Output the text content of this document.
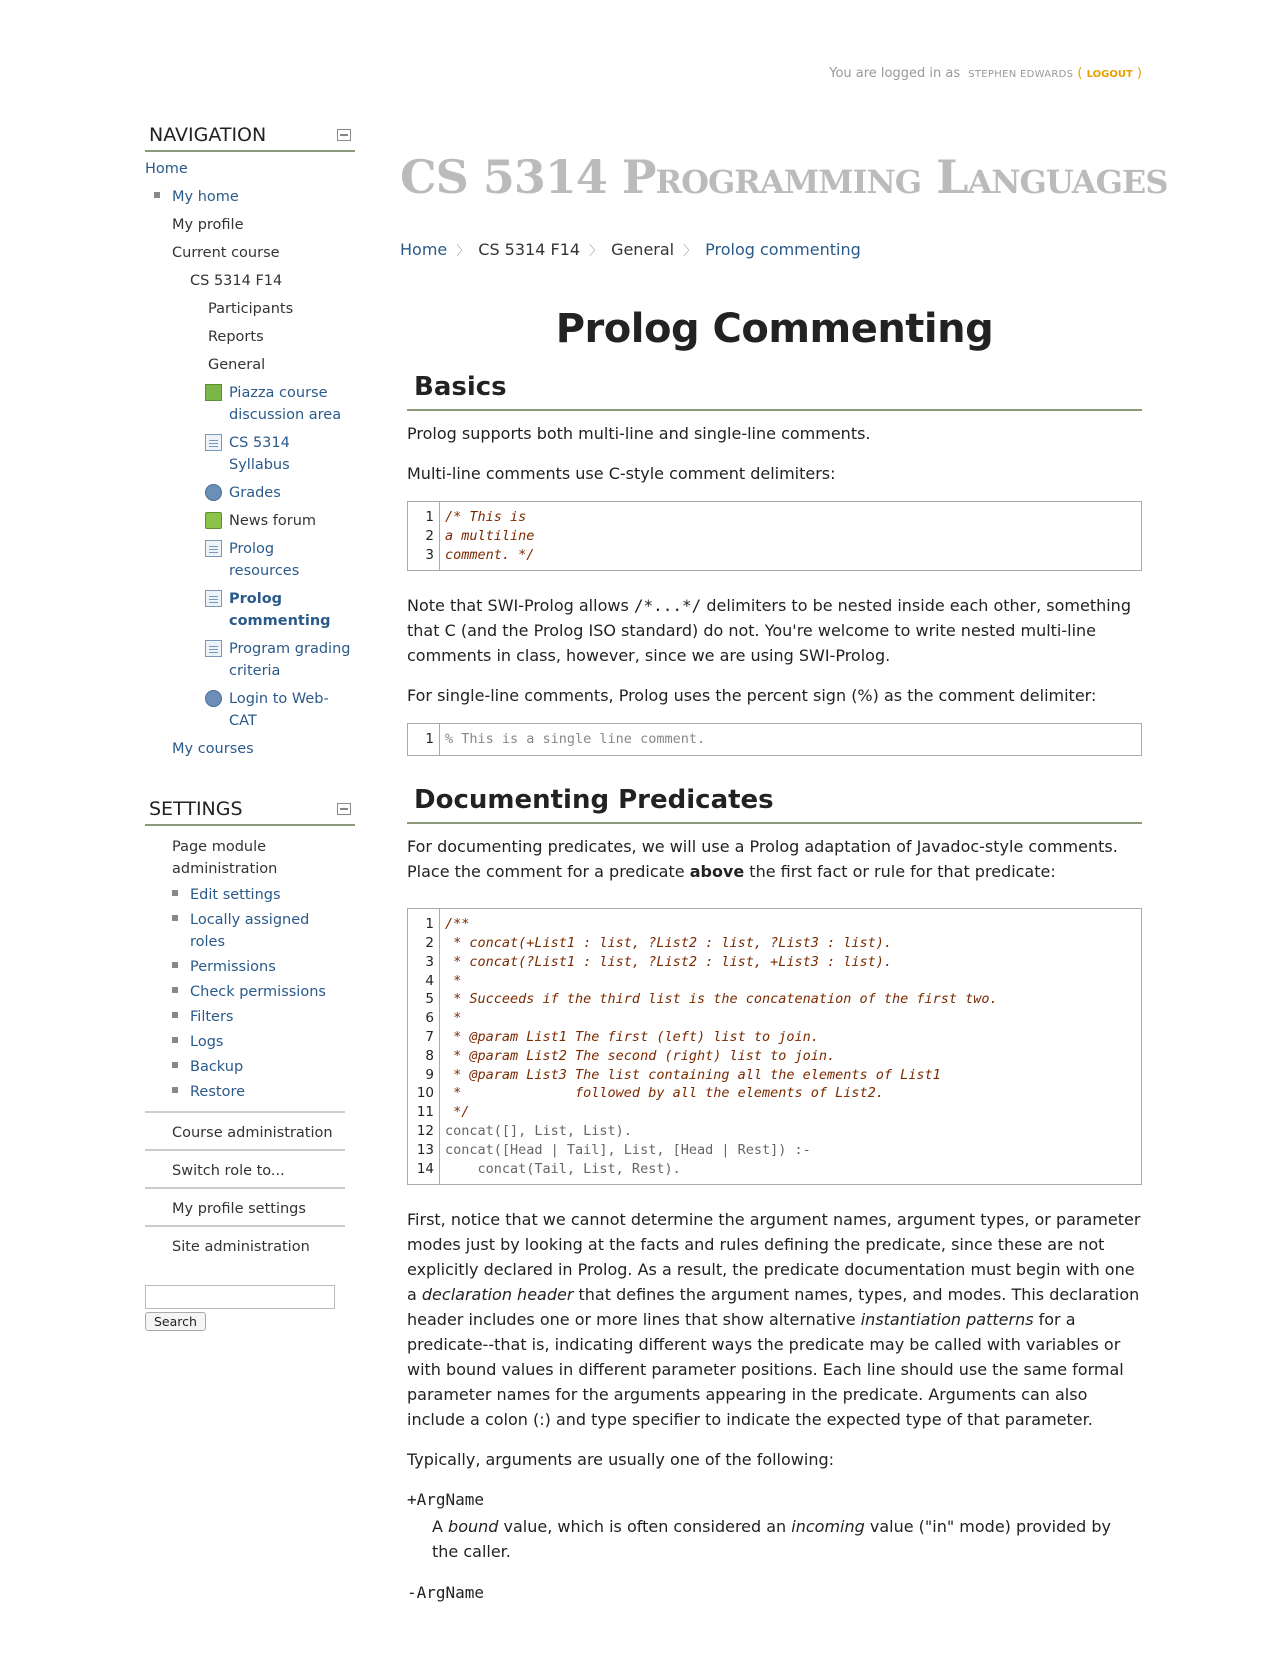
You are logged in as STEPHEN EDWARDS ( LOGOUT )
NAVIGATION
Home
My home
My profile
Current course
CS 5314 F14
Participants
Reports
General
Piazza course discussion area
CS 5314 Syllabus
Grades
News forum
Prolog resources
Prolog commenting
Program grading criteria
Login to Web-CAT
My courses
SETTINGS
Page module administration
Edit settings
Locally assigned roles
Permissions
Check permissions
Filters
Logs
Backup
Restore
Course administration
Switch role to...
My profile settings
Site administration

Search
CS 5314 Programming Languages
Home 〉 CS 5314 F14 〉 General 〉 Prolog commenting
Prolog Commenting
Basics

Prolog supports both multi-line and single-line comments.

Multi-line comments use C-style comment delimiters:

1
2
3
/* This is
a multiline
comment. */

Note that SWI-Prolog allows /*...*/ delimiters to be nested inside each other, something that C (and the Prolog ISO standard) do not. You're welcome to write nested multi-line comments in class, however, since we are using SWI-Prolog.

For single-line comments, Prolog uses the percent sign (%) as the comment delimiter:

1 % This is a single line comment.
Documenting Predicates

For documenting predicates, we will use a Prolog adaptation of Javadoc-style comments. Place the comment for a predicate above the first fact or rule for that predicate:

1
2
3
4
5
6
7
8
9
10
11
12
13
14
/**
* concat(+List1 : list, ?List2 : list, ?List3 : list).
* concat(?List1 : list, ?List2 : list, +List3 : list).
*
* Succeeds if the third list is the concatenation of the first two.
*
* @param List1 The first (left) list to join.
* @param List2 The second (right) list to join.
* @param List3 The list containing all the elements of List1
*              followed by all the elements of List2.
*/
concat([], List, List).
concat([Head | Tail], List, [Head | Rest]) :-
concat(Tail, List, Rest).

First, notice that we cannot determine the argument names, argument types, or parameter modes just by looking at the facts and rules defining the predicate, since these are not explicitly declared in Prolog. As a result, the predicate documentation must begin with one a declaration header that defines the argument names, types, and modes. This declaration header includes one or more lines that show alternative instantiation patterns for a predicate--that is, indicating different ways the predicate may be called with variables or with bound values in different parameter positions. Each line should use the same formal parameter names for the arguments appearing in the predicate. Arguments can also include a colon (:) and type specifier to indicate the expected type of that parameter.

Typically, arguments are usually one of the following:

+ArgName
A bound value, which is often considered an incoming value ("in" mode) provided by the caller.
-ArgName
